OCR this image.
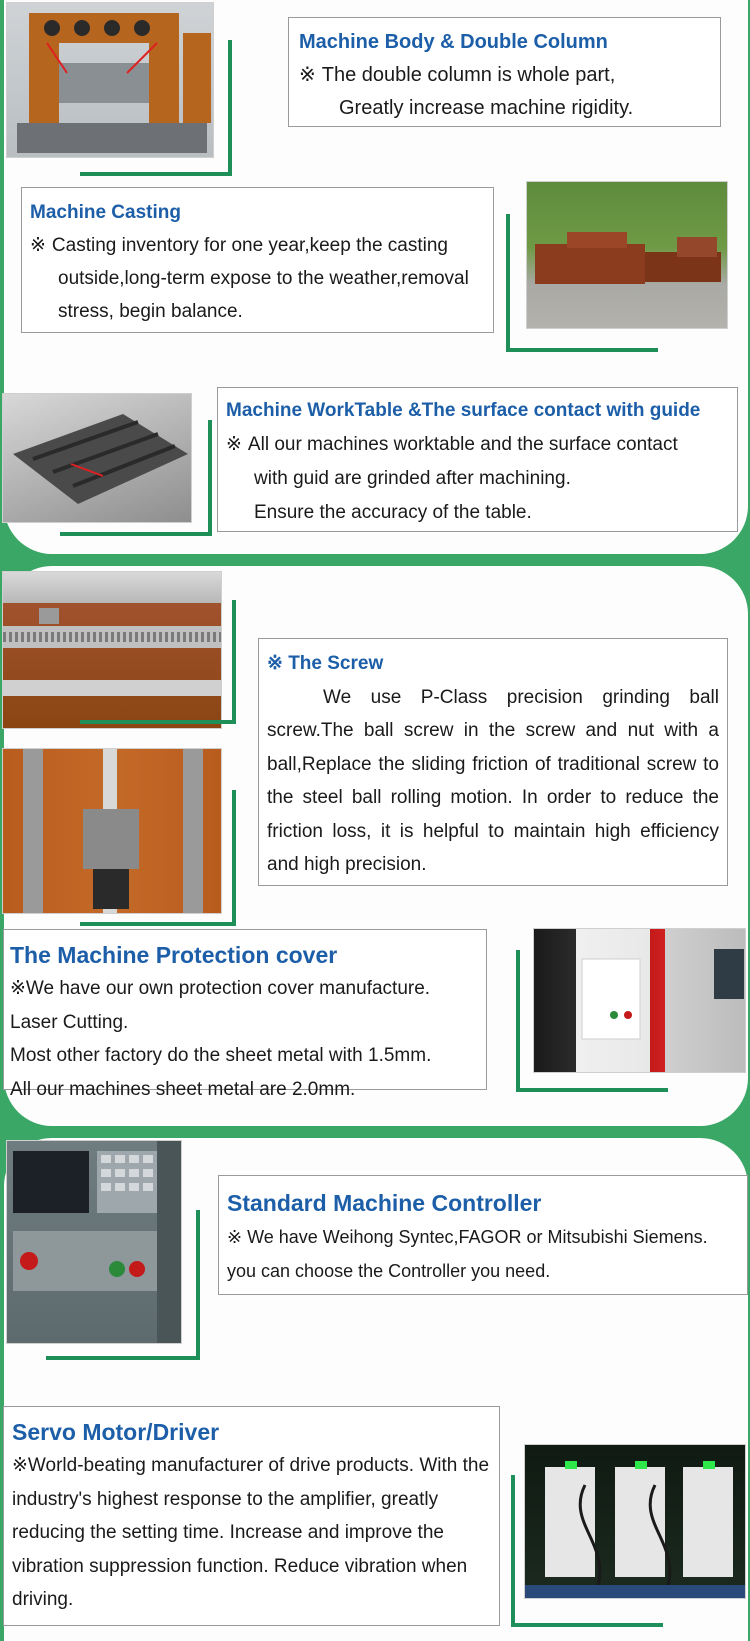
Machine Body & Double Column

※ The double column is whole part,

Greatly increase machine rigidity.

Machine Casting

※ Casting inventory for one year,keep the casting

outside,long-term expose to the weather,removal

stress, begin balance.

Machine WorkTable &The surface contact with guide

※ All our machines worktable and the surface contact

with guid are grinded after machining.

Ensure the accuracy of the table.

※ The Screw

We use P-Class precision grinding ball screw.The ball screw in the screw and nut with a ball,Replace the sliding friction of traditional screw to the steel ball rolling motion. In order to reduce the friction loss, it is helpful to maintain high efficiency and high precision.

The Machine Protection cover

※We have our own protection cover manufacture.

Laser Cutting.

Most other factory do the sheet metal with 1.5mm.

All our machines sheet metal are 2.0mm.

Standard Machine Controller

※ We have Weihong Syntec,FAGOR or Mitsubishi Siemens.

you can choose the Controller you need.

Servo Motor/Driver

※World-beating manufacturer of drive products. With the industry's highest response to the amplifier, greatly reducing the setting time. Increase and improve the vibration suppression function. Reduce vibration when driving.
